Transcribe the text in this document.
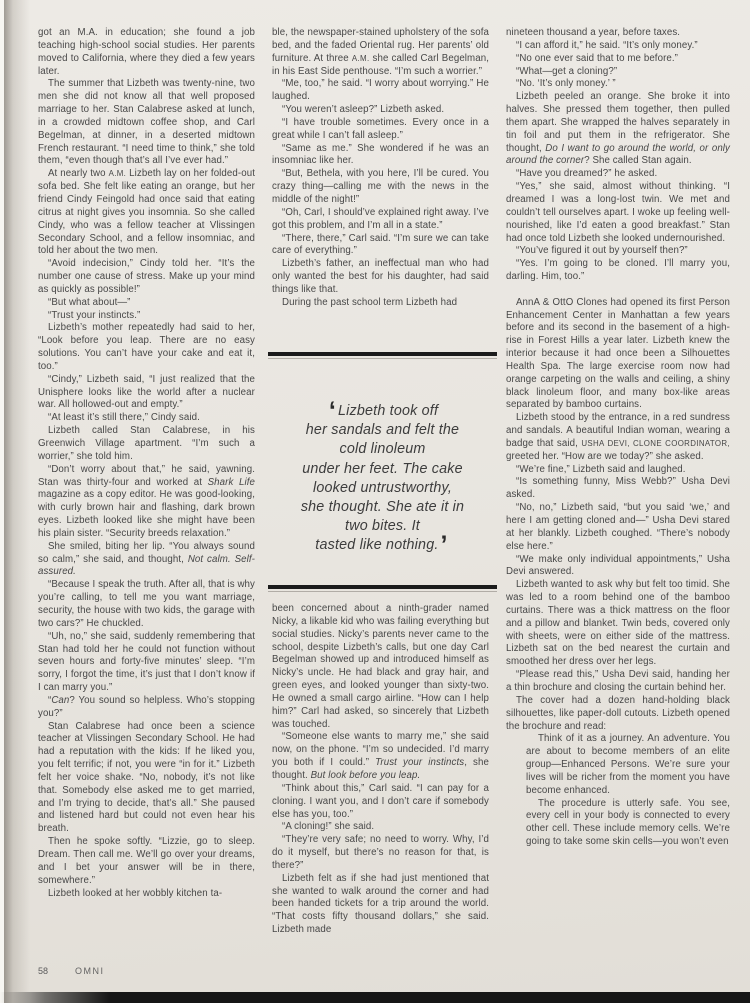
got an M.A. in education; she found a job teaching high-school social studies. Her parents moved to California, where they died a few years later.

The summer that Lizbeth was twenty-nine, two men she did not know all that well proposed marriage to her. Stan Calabrese asked at lunch, in a crowded midtown coffee shop, and Carl Begelman, at dinner, in a deserted midtown French restaurant. “I need time to think,” she told them, “even though that’s all I’ve ever had.”

At nearly two A.M. Lizbeth lay on her folded-out sofa bed. She felt like eating an orange, but her friend Cindy Feingold had once said that eating citrus at night gives you insomnia. So she called Cindy, who was a fellow teacher at Vlissingen Secondary School, and a fellow insomniac, and told her about the two men.

“Avoid indecision,” Cindy told her. “It’s the number one cause of stress. Make up your mind as quickly as possible!”

“But what about—”

“Trust your instincts.”

Lizbeth’s mother repeatedly had said to her, “Look before you leap. There are no easy solutions. You can’t have your cake and eat it, too.”

“Cindy,” Lizbeth said, “I just realized that the Unisphere looks like the world after a nuclear war. All hollowed-out and empty.”

“At least it’s still there,” Cindy said.

Lizbeth called Stan Calabrese, in his Greenwich Village apartment. “I’m such a worrier,” she told him.

“Don’t worry about that,” he said, yawning. Stan was thirty-four and worked at Shark Life magazine as a copy editor. He was good-looking, with curly brown hair and flashing, dark brown eyes. Lizbeth looked like she might have been his plain sister. “Security breeds relaxation.”

She smiled, biting her lip. “You always sound so calm,” she said, and thought, Not calm. Self-assured.

“Because I speak the truth. After all, that is why you’re calling, to tell me you want marriage, security, the house with two kids, the garage with two cars?” He chuckled.

“Uh, no,” she said, suddenly remembering that Stan had told her he could not function without seven hours and forty-five minutes’ sleep. “I’m sorry, I forgot the time, it’s just that I don’t know if I can marry you.”

“Can? You sound so helpless. Who’s stopping you?”

Stan Calabrese had once been a science teacher at Vlissingen Secondary School. He had had a reputation with the kids: If he liked you, you felt terrific; if not, you were “in for it.” Lizbeth felt her voice shake. “No, nobody, it’s not like that. Somebody else asked me to get married, and I’m trying to decide, that’s all.” She paused and listened hard but could not even hear his breath.

Then he spoke softly. “Lizzie, go to sleep. Dream. Then call me. We’ll go over your dreams, and I bet your answer will be in there, somewhere.”

Lizbeth looked at her wobbly kitchen ta-

ble, the newspaper-stained upholstery of the sofa bed, and the faded Oriental rug. Her parents’ old furniture. At three A.M. she called Carl Begelman, in his East Side penthouse. “I’m such a worrier.”

“Me, too,” he said. “I worry about worrying.” He laughed.

“You weren’t asleep?” Lizbeth asked.

“I have trouble sometimes. Every once in a great while I can’t fall asleep.”

“Same as me.” She wondered if he was an insomniac like her.

“But, Bethela, with you here, I’ll be cured. You crazy thing—calling me with the news in the middle of the night!”

“Oh, Carl, I should’ve explained right away. I’ve got this problem, and I’m all in a state.”

“There, there,” Carl said. “I’m sure we can take care of everything.”

Lizbeth’s father, an ineffectual man who had only wanted the best for his daughter, had said things like that.

During the past school term Lizbeth had

‘ Lizbeth took off
her sandals and felt the
cold linoleum
under her feet. The cake
looked untrustworthy,
she thought. She ate it in
two bites. It
tasted like nothing.’

been concerned about a ninth-grader named Nicky, a likable kid who was failing everything but social studies. Nicky’s parents never came to the school, despite Lizbeth’s calls, but one day Carl Begelman showed up and introduced himself as Nicky’s uncle. He had black and gray hair, and green eyes, and looked younger than sixty-two. He owned a small cargo airline. “How can I help him?” Carl had asked, so sincerely that Lizbeth was touched.

“Someone else wants to marry me,” she said now, on the phone. “I’m so undecided. I’d marry you both if I could.” Trust your instincts, she thought. But look before you leap.

“Think about this,” Carl said. “I can pay for a cloning. I want you, and I don’t care if somebody else has you, too.”

“A cloning!” she said.

“They’re very safe; no need to worry. Why, I’d do it myself, but there’s no reason for that, is there?”

Lizbeth felt as if she had just mentioned that she wanted to walk around the corner and had been handed tickets for a trip around the world. “That costs fifty thousand dollars,” she said. Lizbeth made

nineteen thousand a year, before taxes.

“I can afford it,” he said. “It’s only money.”

“No one ever said that to me before.”

“What—get a cloning?”

“No. ‘It’s only money.’ ”

Lizbeth peeled an orange. She broke it into halves. She pressed them together, then pulled them apart. She wrapped the halves separately in tin foil and put them in the refrigerator. She thought, Do I want to go around the world, or only around the corner? She called Stan again.

“Have you dreamed?” he asked.

“Yes,” she said, almost without thinking. “I dreamed I was a long-lost twin. We met and couldn’t tell ourselves apart. I woke up feeling well-nourished, like I’d eaten a good breakfast.” Stan had once told Lizbeth she looked undernourished.

“You’ve figured it out by yourself then?”

“Yes. I’m going to be cloned. I’ll marry you, darling. Him, too.”

AnnA & OttO Clones had opened its first Person Enhancement Center in Manhattan a few years before and its second in the basement of a high-rise in Forest Hills a year later. Lizbeth knew the interior because it had once been a Silhouettes Health Spa. The large exercise room now had orange carpeting on the walls and ceiling, a shiny black linoleum floor, and many box-like areas separated by bamboo curtains.

Lizbeth stood by the entrance, in a red sundress and sandals. A beautiful Indian woman, wearing a badge that said, USHA DEVI, CLONE COORDINATOR, greeted her. “How are we today?” she asked.

“We’re fine,” Lizbeth said and laughed.

“Is something funny, Miss Webb?” Usha Devi asked.

“No, no,” Lizbeth said, “but you said ‘we,’ and here I am getting cloned and—” Usha Devi stared at her blankly. Lizbeth coughed. “There’s nobody else here.”

“We make only individual appointments,” Usha Devi answered.

Lizbeth wanted to ask why but felt too timid. She was led to a room behind one of the bamboo curtains. There was a thick mattress on the floor and a pillow and blanket. Twin beds, covered only with sheets, were on either side of the mattress. Lizbeth sat on the bed nearest the curtain and smoothed her dress over her legs.

“Please read this,” Usha Devi said, handing her a thin brochure and closing the curtain behind her.

The cover had a dozen hand-holding black silhouettes, like paper-doll cutouts. Lizbeth opened the brochure and read:

Think of it as a journey. An adventure. You are about to become members of an elite group—Enhanced Persons. We’re sure your lives will be richer from the moment you have become enhanced.

The procedure is utterly safe. You see, every cell in your body is connected to every other cell. These include memory cells. We’re going to take some skin cells—you won’t even

58	OMNI
